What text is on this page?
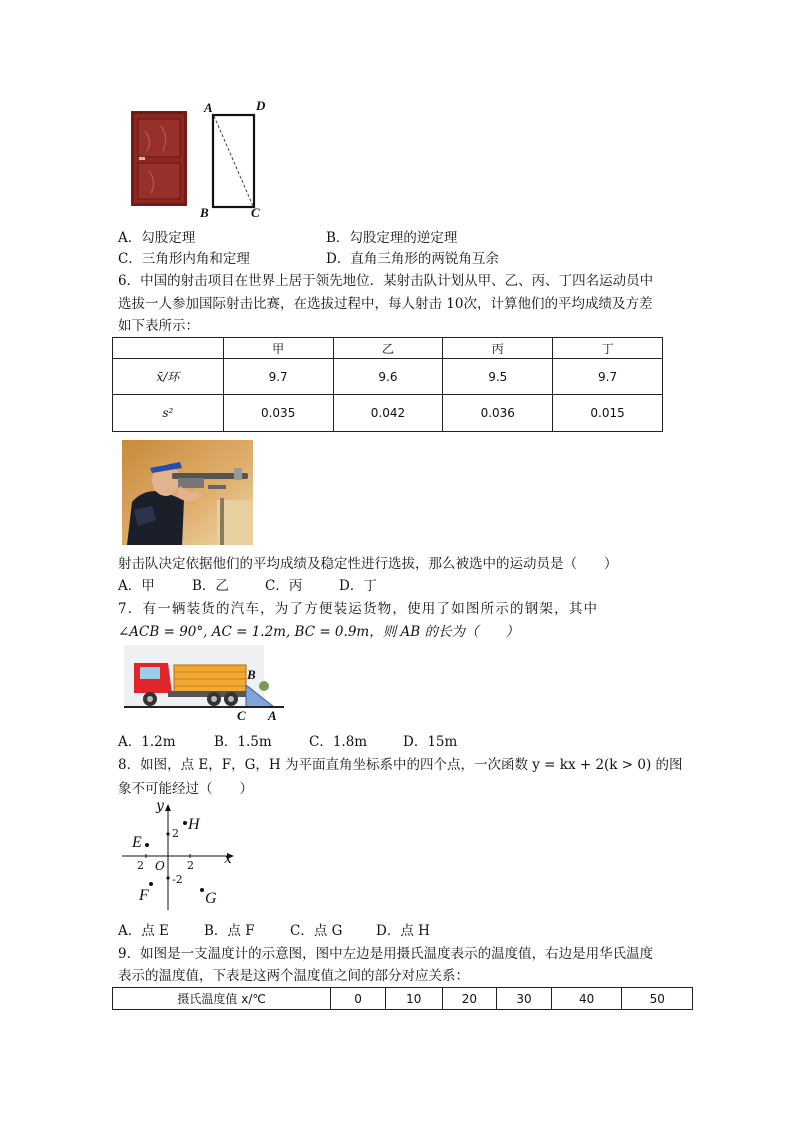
A	D
B	C
A．勾股定理	B．勾股定理的逆定理
C．三角形内角和定理	D．直角三角形的两锐角互余
6．中国的射击项目在世界上居于领先地位．某射击队计划从甲、乙、丙、丁四名运动员中
选拔一人参加国际射击比赛，在选拔过程中，每人射击 10次，计算他们的平均成绩及方差
如下表所示：
	甲	乙	丙	丁
x̄/环	9.7	9.6	9.5	9.7
s²	0.035	0.042	0.036	0.015
射击队决定依据他们的平均成绩及稳定性进行选拔，那么被选中的运动员是（　　）
A．甲	B．乙	C．丙	D．丁
7．有一辆装货的汽车，为了方便装运货物，使用了如图所示的钢架，其中
∠ACB = 90°, AC = 1.2m, BC = 0.9m，则 AB 的长为（　　）
B
C A
A．1.2m	B．1.5m	C．1.8m	D．15m
8．如图，点 E，F，G，H 为平面直角坐标系中的四个点，一次函数 y = kx + 2(k > 0) 的图
象不可能经过（　　）
y
x
H
E
F	G
O
2
-2
2	2
A．点 E	B．点 F	C．点 G D．点 H
9．如图是一支温度计的示意图，图中左边是用摄氏温度表示的温度值，右边是用华氏温度
表示的温度值，下表是这两个温度值之间的部分对应关系：
摄氏温度值 x/℃	0	10	20	30	40	50
